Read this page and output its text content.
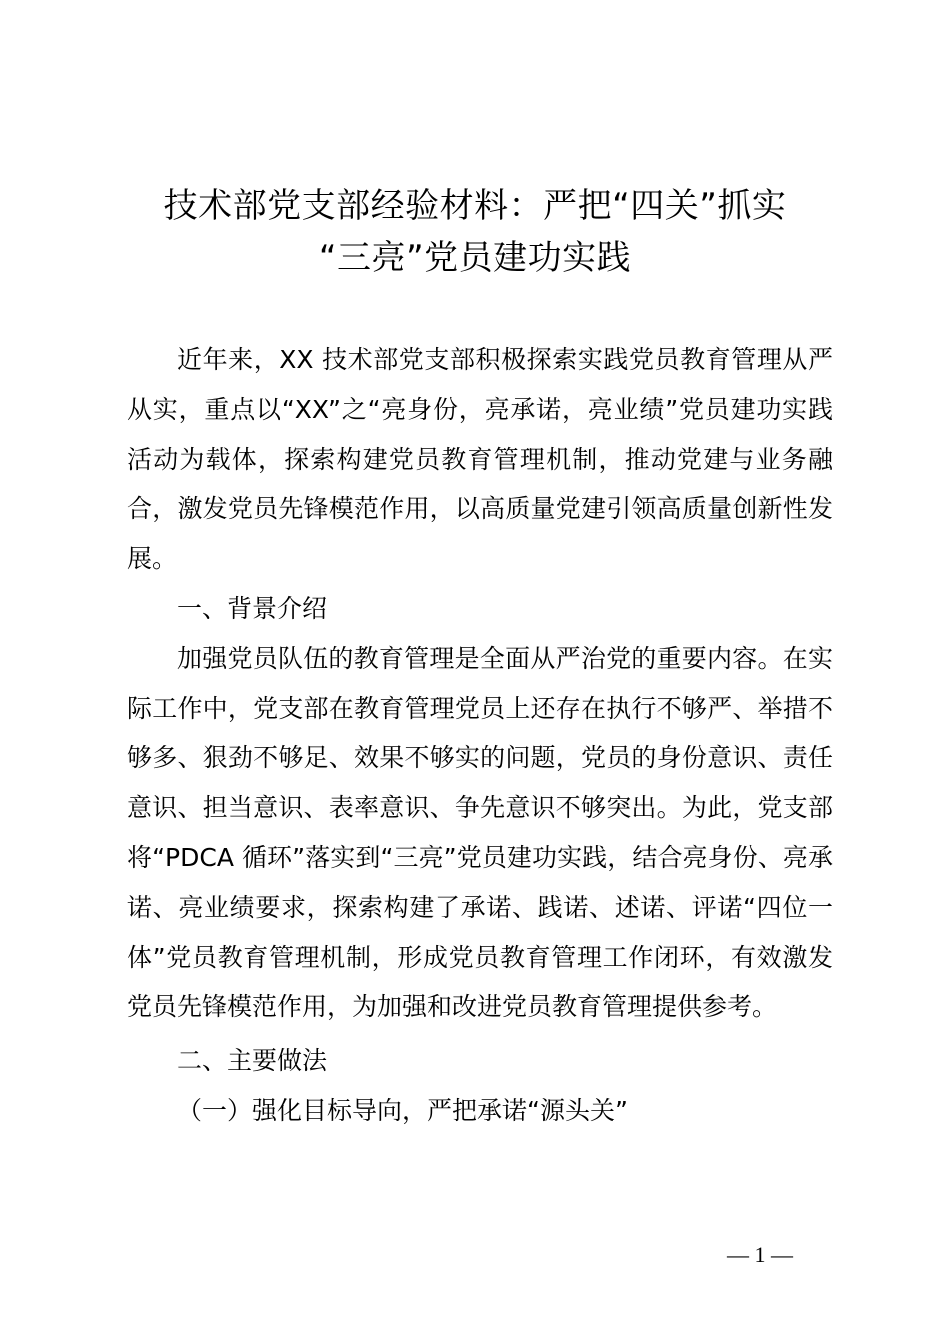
技术部党支部经验材料：严把“四关”抓实
“三亮”党员建功实践

近年来，XX 技术部党支部积极探索实践党员教育管理从严从实，重点以“XX”之“亮身份，亮承诺，亮业绩”党员建功实践活动为载体，探索构建党员教育管理机制，推动党建与业务融合，激发党员先锋模范作用，以高质量党建引领高质量创新性发展。

一、背景介绍

加强党员队伍的教育管理是全面从严治党的重要内容。在实际工作中，党支部在教育管理党员上还存在执行不够严、举措不够多、狠劲不够足、效果不够实的问题，党员的身份意识、责任意识、担当意识、表率意识、争先意识不够突出。为此，党支部将“PDCA 循环”落实到“三亮”党员建功实践，结合亮身份、亮承诺、亮业绩要求，探索构建了承诺、践诺、述诺、评诺“四位一体”党员教育管理机制，形成党员教育管理工作闭环，有效激发党员先锋模范作用，为加强和改进党员教育管理提供参考。

二、主要做法

（一）强化目标导向，严把承诺“源头关”

— 1 —
